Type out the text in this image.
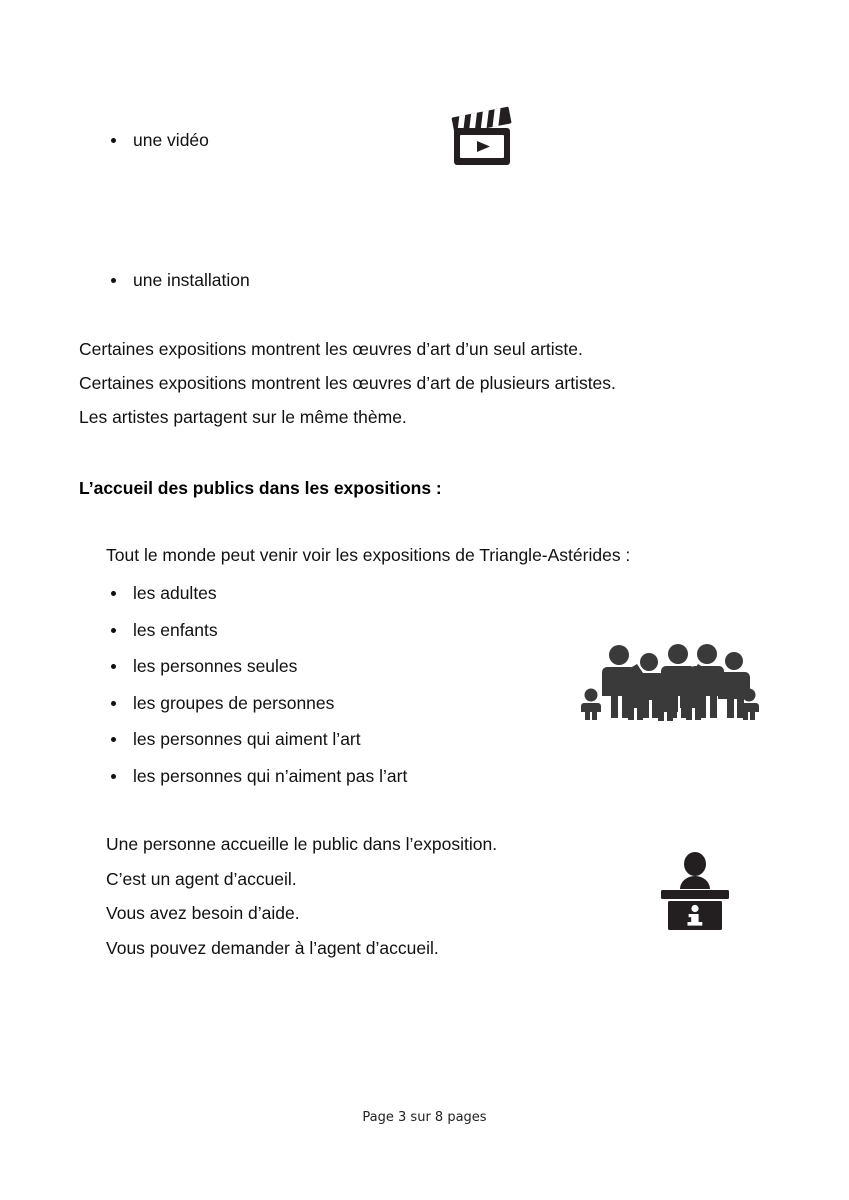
une vidéo
une installation
Certaines expositions montrent les œuvres d’art d’un seul artiste.
Certaines expositions montrent les œuvres d’art de plusieurs artistes.
Les artistes partagent sur le même thème.
L’accueil des publics dans les expositions :
Tout le monde peut venir voir les expositions de Triangle-Astérides :
les adultes
les enfants
les personnes seules
les groupes de personnes
les personnes qui aiment l’art
les personnes qui n’aiment pas l’art
Une personne accueille le public dans l’exposition.
C’est un agent d’accueil.
Vous avez besoin d’aide.
Vous pouvez demander à l’agent d’accueil.
Page 3 sur 8 pages
